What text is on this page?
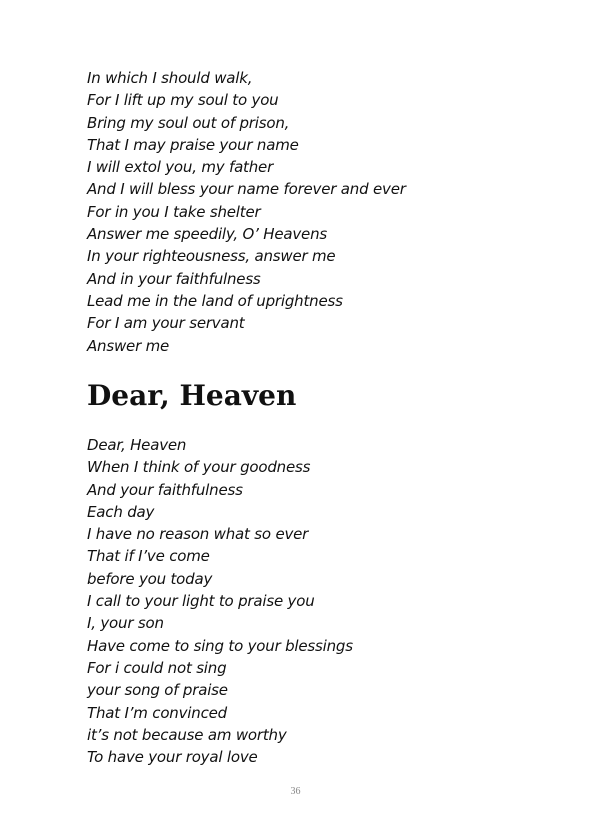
In which I should walk,
For I lift up my soul to you
Bring my soul out of prison,
That I may praise your name
I will extol you, my father
And I will bless your name forever and ever
For in you I take shelter
Answer me speedily, O’ Heavens
In your righteousness, answer me
And in your faithfulness
Lead me in the land of uprightness
For I am your servant
Answer me
Dear, Heaven
Dear, Heaven
When I think of your goodness
And your faithfulness
Each day
I have no reason what so ever
That if I’ve come
before you today
I call to your light to praise you
I, your son
Have come to sing to your blessings
For i could not sing
your song of praise
That I’m convinced
it’s not because am worthy
To have your royal love
36
